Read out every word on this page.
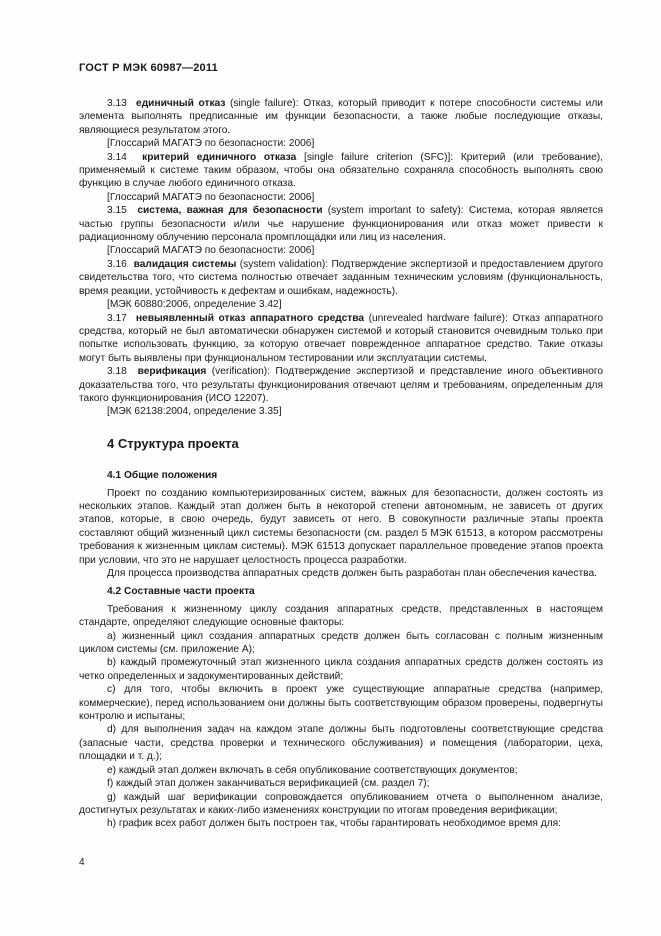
ГОСТ Р МЭК 60987—2011

3.13 единичный отказ (single failure): Отказ, который приводит к потере способности системы или элемента выполнять предписанные им функции безопасности, а также любые последующие отказы, являющиеся результатом этого.

[Глоссарий МАГАТЭ по безопасности: 2006]

3.14 критерий единичного отказа [single failure criterion (SFC)]: Критерий (или требование), применяемый к системе таким образом, чтобы она обязательно сохраняла способность выполнять свою функцию в случае любого единичного отказа.

[Глоссарий МАГАТЭ по безопасности: 2006]

3.15 система, важная для безопасности (system important to safety): Система, которая является частью группы безопасности и/или чье нарушение функционирования или отказ может привести к радиационному облучению персонала промплощадки или лиц из населения.

[Глоссарий МАГАТЭ по безопасности: 2006]

3.16 валидация системы (system validation): Подтверждение экспертизой и предоставлением другого свидетельства того, что система полностью отвечает заданным техническим условиям (функциональность, время реакции, устойчивость к дефектам и ошибкам, надежность).

[МЭК 60880:2006, определение 3.42]

3.17 невыявленный отказ аппаратного средства (unrevealed hardware failure): Отказ аппаратного средства, который не был автоматически обнаружен системой и который становится очевидным только при попытке использовать функцию, за которую отвечает поврежденное аппаратное средство. Такие отказы могут быть выявлены при функциональном тестировании или эксплуатации системы.

3.18 верификация (verification): Подтверждение экспертизой и представление иного объективного доказательства того, что результаты функционирования отвечают целям и требованиям, определенным для такого функционирования (ИСО 12207).

[МЭК 62138:2004, определение 3.35]

4 Структура проекта
4.1 Общие положения

Проект по созданию компьютеризированных систем, важных для безопасности, должен состоять из нескольких этапов. Каждый этап должен быть в некоторой степени автономным, не зависеть от других этапов, которые, в свою очередь, будут зависеть от него. В совокупности различные этапы проекта составляют общий жизненный цикл системы безопасности (см. раздел 5 МЭК 61513, в котором рассмотрены требования к жизненным циклам системы). МЭК 61513 допускает параллельное проведение этапов проекта при условии, что это не нарушает целостность процесса разработки.

Для процесса производства аппаратных средств должен быть разработан план обеспечения качества.

4.2 Составные части проекта

Требования к жизненному циклу создания аппаратных средств, представленных в настоящем стандарте, определяют следующие основные факторы:

a) жизненный цикл создания аппаратных средств должен быть согласован с полным жизненным циклом системы (см. приложение А);

b) каждый промежуточный этап жизненного цикла создания аппаратных средств должен состоять из четко определенных и задокументированных действий;

c) для того, чтобы включить в проект уже существующие аппаратные средства (например, коммерческие), перед использованием они должны быть соответствующим образом проверены, подвергнуты контролю и испытаны;

d) для выполнения задач на каждом этапе должны быть подготовлены соответствующие средства (запасные части, средства проверки и технического обслуживания) и помещения (лаборатории, цеха, площадки и т. д.);

e) каждый этап должен включать в себя опубликование соответствующих документов;

f) каждый этап должен заканчиваться верификацией (см. раздел 7);

g) каждый шаг верификации сопровождается опубликованием отчета о выполненном анализе, достигнутых результатах и каких-либо изменениях конструкции по итогам проведения верификации;

h) график всех работ должен быть построен так, чтобы гарантировать необходимое время для:

4
